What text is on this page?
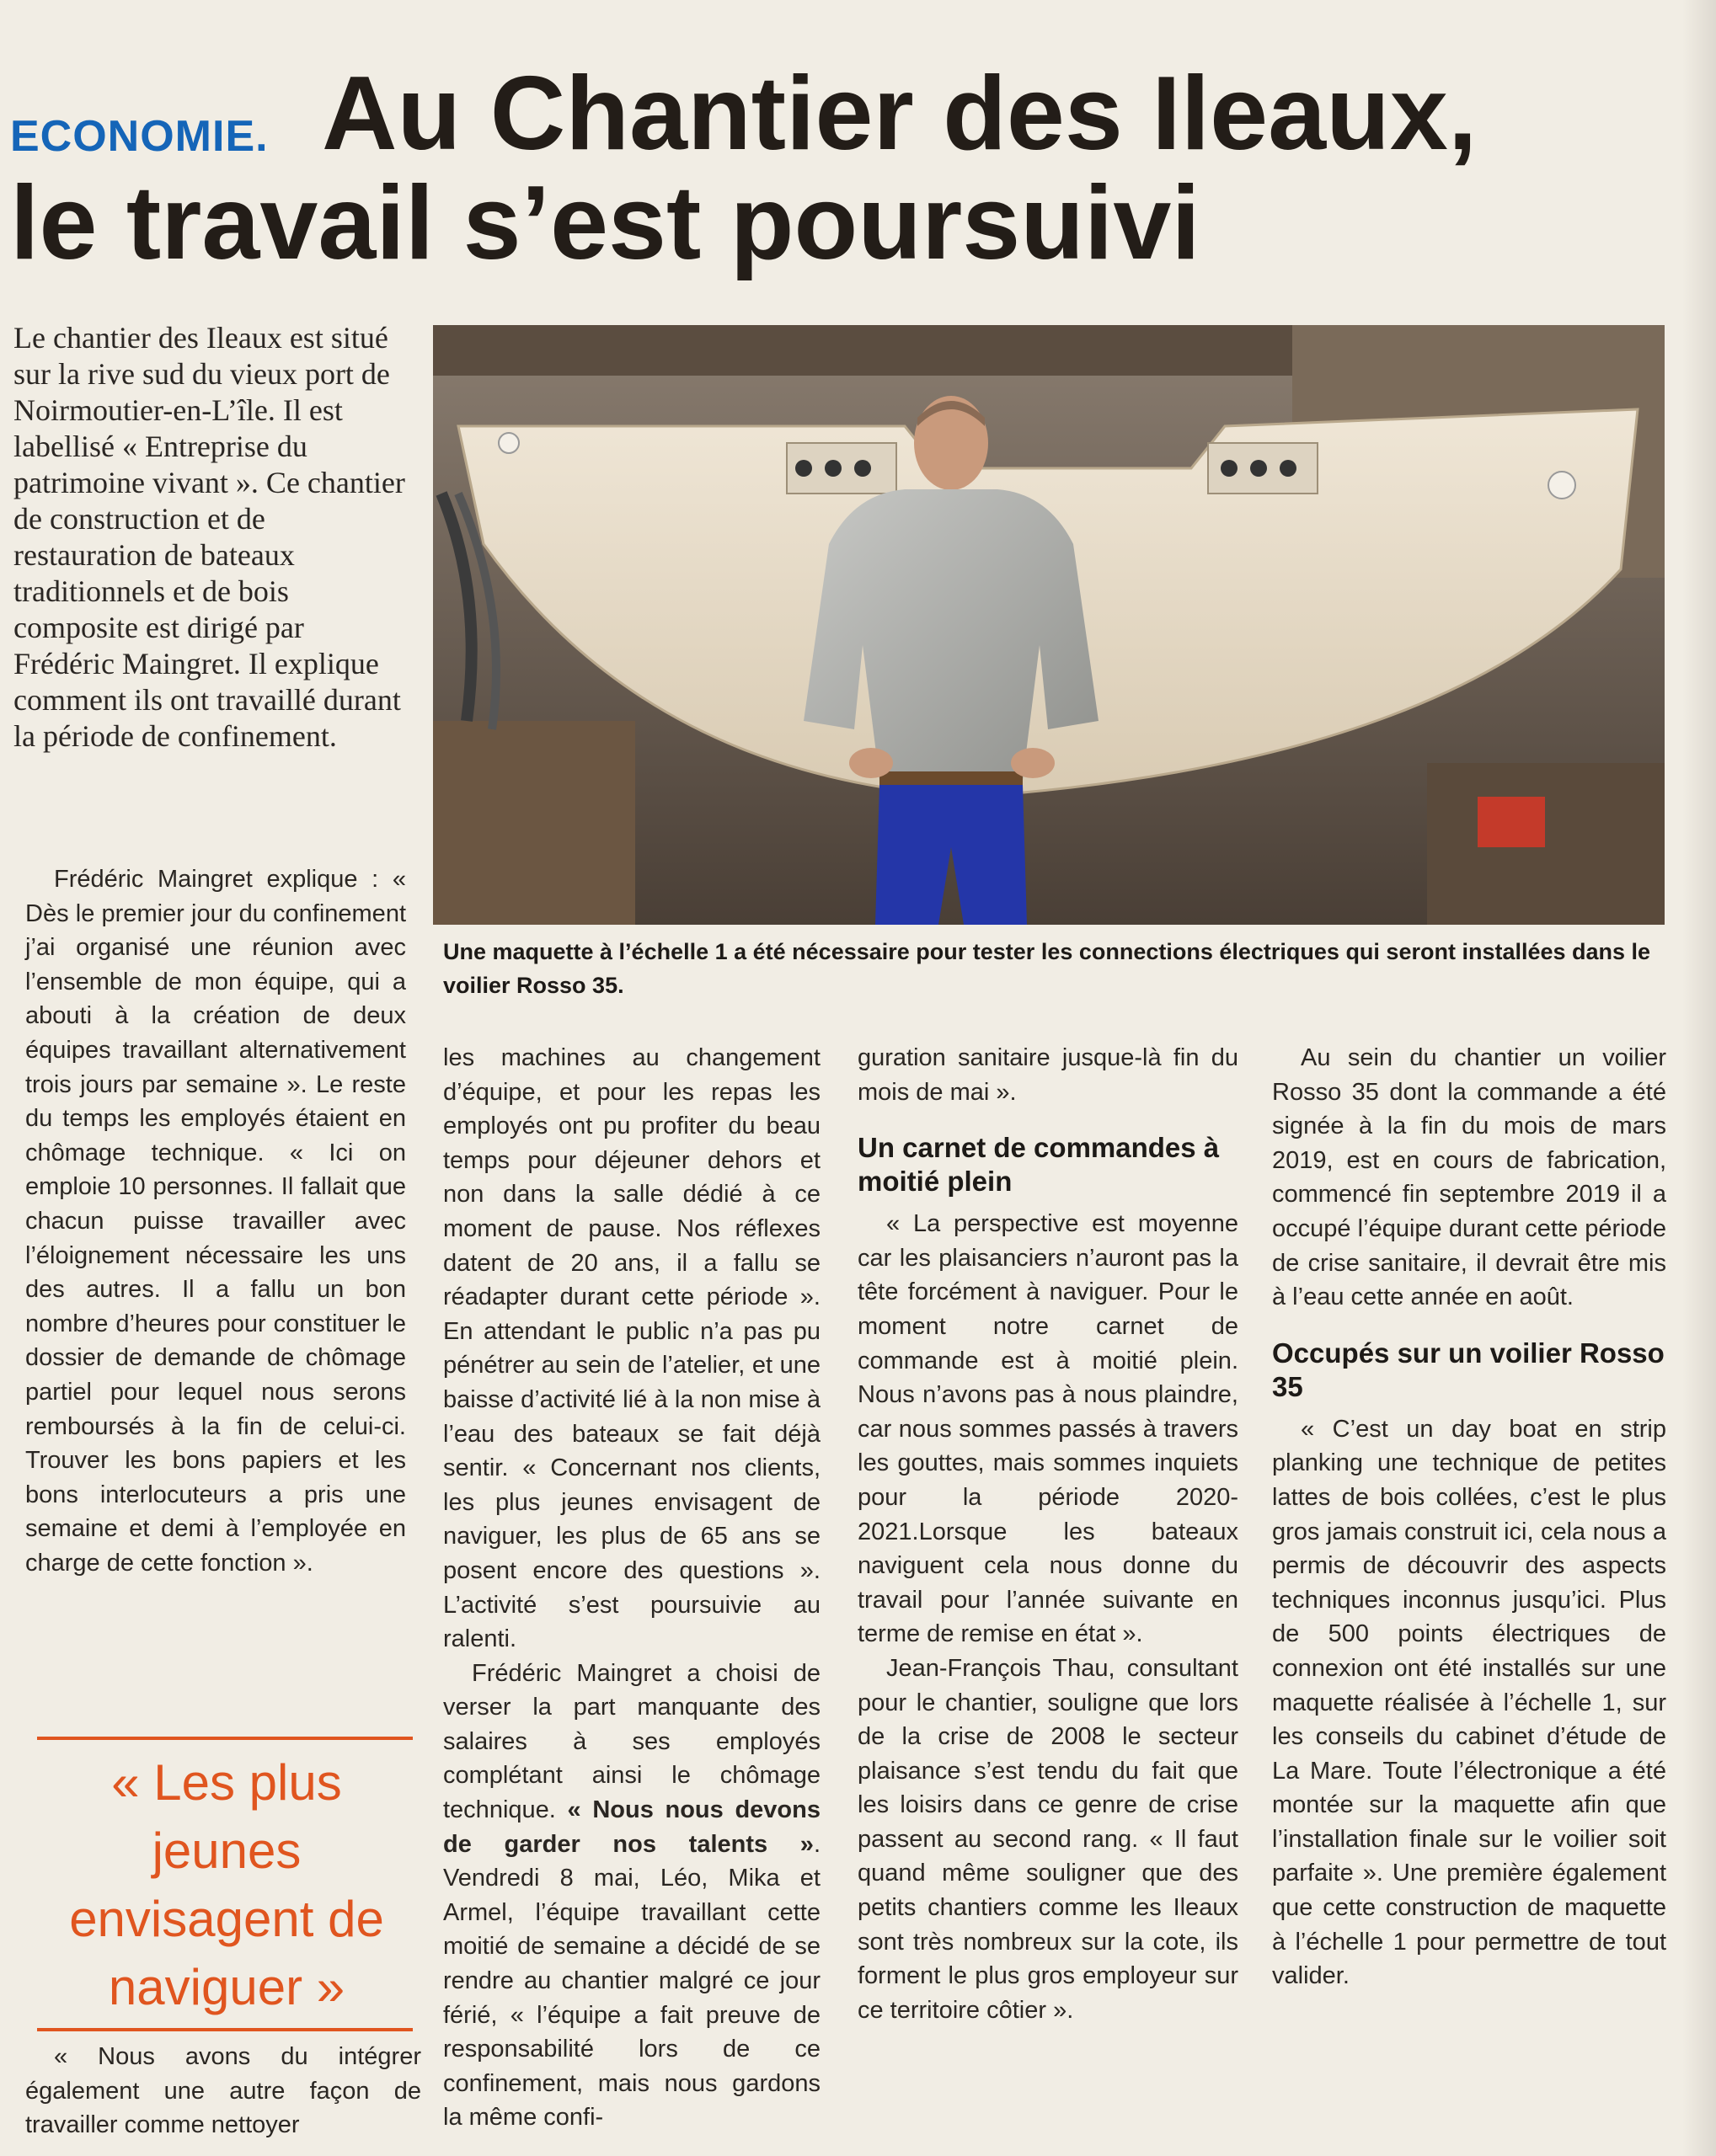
ECONOMIE. Au Chantier des Ileaux,
le travail s’est poursuivi

Le chantier des Ileaux est situé sur la rive sud du vieux port de Noirmoutier-en-L’île. Il est labellisé « Entreprise du patrimoine vivant ». Ce chantier de construction et de restauration de bateaux traditionnels et de bois composite est dirigé par Frédéric Maingret. Il explique comment ils ont travaillé durant la période de confinement.

Une maquette à l’échelle 1 a été nécessaire pour tester les connections électriques qui seront installées dans le voilier Rosso 35.

Frédéric Maingret explique : « Dès le premier jour du confinement j’ai organisé une réunion avec l’ensemble de mon équipe, qui a abouti à la création de deux équipes travaillant alternativement trois jours par semaine ». Le reste du temps les employés étaient en chômage technique. « Ici on emploie 10 personnes. Il fallait que chacun puisse travailler avec l’éloignement nécessaire les uns des autres. Il a fallu un bon nombre d’heures pour constituer le dossier de demande de chômage partiel pour lequel nous serons remboursés à la fin de celui-ci. Trouver les bons papiers et les bons interlocuteurs a pris une semaine et demi à l’employée en charge de cette fonction ».

« Les plus jeunes envisagent de naviguer »

« Nous avons du intégrer également une autre façon de travailler comme nettoyer

les machines au changement d’équipe, et pour les repas les employés ont pu profiter du beau temps pour déjeuner dehors et non dans la salle dédié à ce moment de pause. Nos réflexes datent de 20 ans, il a fallu se réadapter durant cette période ». En attendant le public n’a pas pu pénétrer au sein de l’atelier, et une baisse d’activité lié à la non mise à l’eau des bateaux se fait déjà sentir. « Concernant nos clients, les plus jeunes envisagent de naviguer, les plus de 65 ans se posent encore des questions ». L’activité s’est poursuivie au ralenti.

Frédéric Maingret a choisi de verser la part manquante des salaires à ses employés complétant ainsi le chômage technique. « Nous nous devons de garder nos talents ». Vendredi 8 mai, Léo, Mika et Armel, l’équipe travaillant cette moitié de semaine a décidé de se rendre au chantier malgré ce jour férié, « l’équipe a fait preuve de responsabilité lors de ce confinement, mais nous gardons la même confi-

guration sanitaire jusque-là fin du mois de mai ».

Un carnet de commandes à moitié plein

« La perspective est moyenne car les plaisanciers n’auront pas la tête forcément à naviguer. Pour le moment notre carnet de commande est à moitié plein. Nous n’avons pas à nous plaindre, car nous sommes passés à travers les gouttes, mais sommes inquiets pour la période 2020-2021.Lorsque les bateaux naviguent cela nous donne du travail pour l’année suivante en terme de remise en état ».

Jean-François Thau, consultant pour le chantier, souligne que lors de la crise de 2008 le secteur plaisance s’est tendu du fait que les loisirs dans ce genre de crise passent au second rang. « Il faut quand même souligner que des petits chantiers comme les Ileaux sont très nombreux sur la cote, ils forment le plus gros employeur sur ce territoire côtier ».

Au sein du chantier un voilier Rosso 35 dont la commande a été signée à la fin du mois de mars 2019, est en cours de fabrication, commencé fin septembre 2019 il a occupé l’équipe durant cette période de crise sanitaire, il devrait être mis à l’eau cette année en août.

Occupés sur un voilier Rosso 35

« C’est un day boat en strip planking une technique de petites lattes de bois collées, c’est le plus gros jamais construit ici, cela nous a permis de découvrir des aspects techniques inconnus jusqu’ici. Plus de 500 points électriques de connexion ont été installés sur une maquette réalisée à l’échelle 1, sur les conseils du cabinet d’étude de La Mare. Toute l’électronique a été montée sur la maquette afin que l’installation finale sur le voilier soit parfaite ». Une première également que cette construction de maquette à l’échelle 1 pour permettre de tout valider.
